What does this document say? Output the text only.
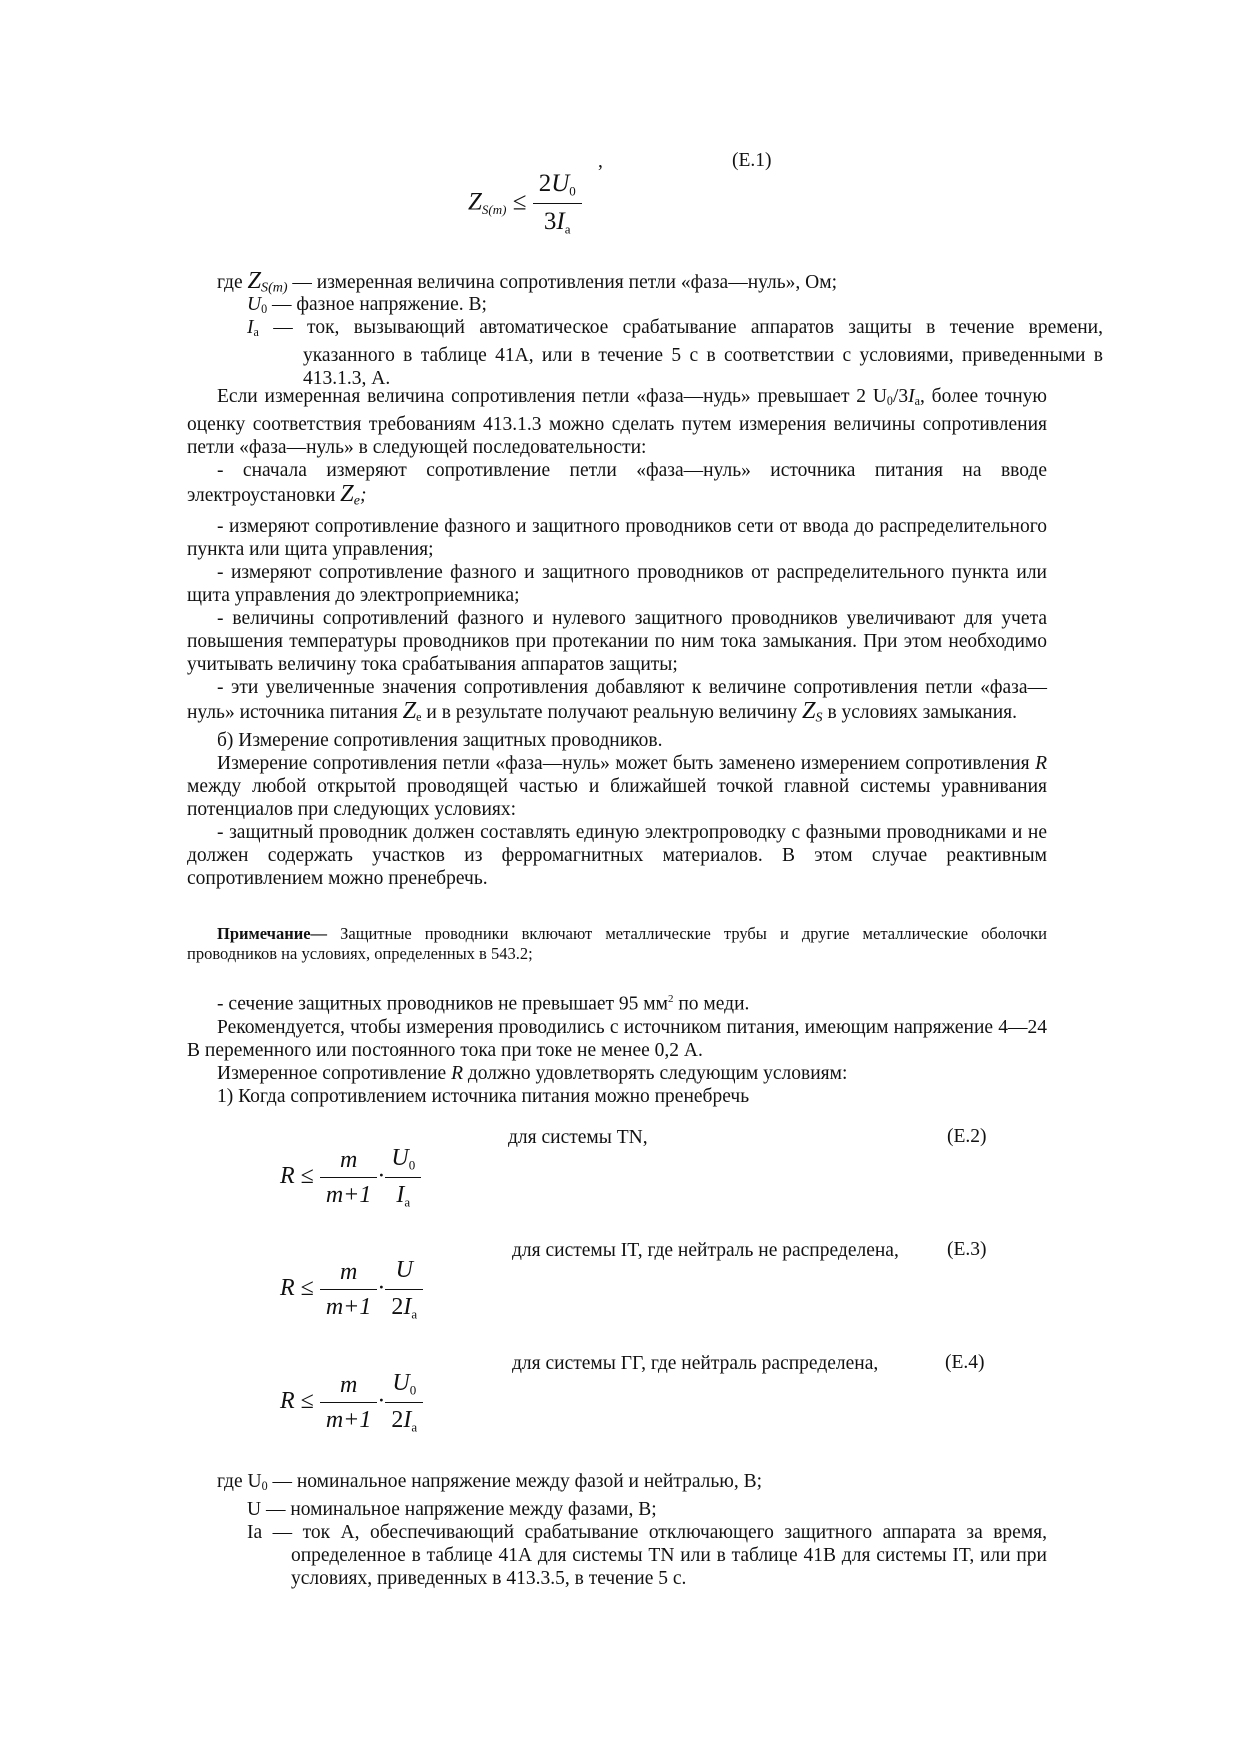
$ZS(m) \le \frac{2U0}{3Iа}$
,	(E.1)
где ZS(m) — измеренная величина сопротивления петли «фаза—нуль», Ом;
$U_0$ — фазное напряжение. В;
$I_а$ — ток, вызывающий автоматическое срабатывание аппаратов защиты в течение времени, указанного в таблице 41А, или в течение 5 с в соответствии с условиями, приведенными в 413.1.3, А.
Если измеренная величина сопротивления петли «фаза—нудь» превышает 2 $U_0/3I_а$, более точную оценку соответствия требованиям 413.1.3 можно сделать путем измерения величины сопротивления петли «фаза—нуль» в следующей последовательности:
- сначала измеряют сопротивление петли «фаза—нуль» источника питания на вводе электроустановки Zе;
- измеряют сопротивление фазного и защитного проводников сети от ввода до распределительного пункта или щита управления;
- измеряют сопротивление фазного и защитного проводников от распределительного пункта или щита управления до электроприемника;
- величины сопротивлений фазного и нулевого защитного проводников увеличивают для учета повышения температуры проводников при протекании по ним тока замыкания. При этом необходимо учитывать величину тока срабатывания аппаратов защиты;
- эти увеличенные значения сопротивления добавляют к величине сопротивления петли «фаза—нуль» источника питания $Z_е$ и в результате получают реальную величину ZS в условиях замыкания.
б) Измерение сопротивления защитных проводников.
Измерение сопротивления петли «фаза—нуль» может быть заменено измерением сопротивления R между любой открытой проводящей частью и ближайшей точкой главной системы уравнивания потенциалов при следующих условиях:
- защитный проводник должен составлять единую электропроводку с фазными проводниками и не должен содержать участков из ферромагнитных материалов. В этом случае реактивным сопротивлением можно пренебречь.
Примечание— Защитные проводники включают металлические трубы и другие металлические оболочки проводников на условиях, определенных в 543.2;
- сечение защитных проводников не превышает 95 $мм^2$ по меди.
Рекомендуется, чтобы измерения проводились с источником питания, имеющим напряжение 4—24 В переменного или постоянного тока при токе не менее 0,2 А.
Измеренное сопротивление R должно удовлетворять следующим условиям:
1) Когда сопротивлением источника питания можно пренебречь
$R \le \frac{m}{m+1} \cdot \frac{U0}{Iа}$
для системы TN,	(E.2)
$R \le \frac{m}{m+1} \cdot \frac{U}{2Iа}$
для системы IT, где нейтраль не распределена, (E.3)
$R \le \frac{m}{m+1} \cdot \frac{U0}{2Iа}$
для системы ГГ, где нейтраль распределена,	(E.4)
где $U_0$ — номинальное напряжение между фазой и нейтралью, В;
U — номинальное напряжение между фазами, В;
Ia — ток А, обеспечивающий срабатывание отключающего защитного аппарата за время, определенное в таблице 41А для системы TN или в таблице 41В для системы IT, или при условиях, приведенных в 413.3.5, в течение 5 с.
